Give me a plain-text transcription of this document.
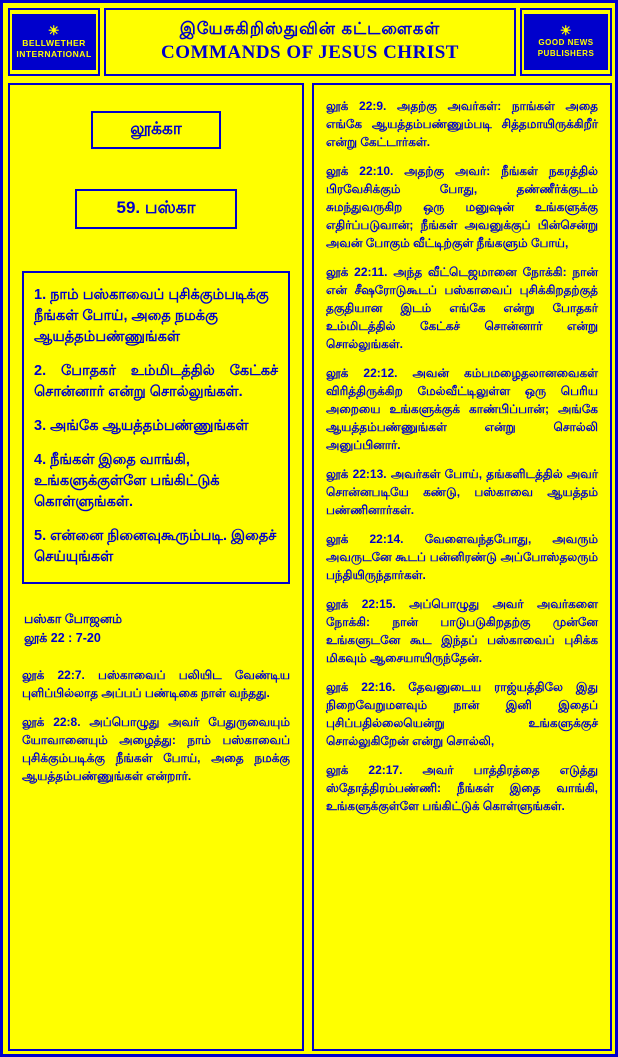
☀
BELLWETHER
INTERNATIONAL
இயேசுகிறிஸ்துவின் கட்டளைகள்
COMMANDS OF JESUS CHRIST
☀
GOOD NEWS
PUBLISHERS
லூக்கா
59. பஸ்கா
1. நாம் பஸ்காவைப் புசிக்கும்படிக்கு நீங்கள் போய், அதை நமக்கு ஆயத்தம்பண்ணுங்கள்
2. போதகர் உம்மிடத்தில் கேட்கச் சொன்னார் என்று சொல்லுங்கள்.
3. அங்கே ஆயத்தம்பண்ணுங்கள்
4. நீங்கள் இதை வாங்கி, உங்களுக்குள்ளே பங்கிட்டுக் கொள்ளுங்கள்.
5. என்னை நினைவுகூரும்படி. இதைச் செய்யுங்கள்
பஸ்கா போஜனம்
லூக் 22 : 7-20
லூக் 22:7. பஸ்காவைப் பலியிட வேண்டிய புளிப்பில்லாத அப்பப் பண்டிகை நாள் வந்தது.
லூக் 22:8. அப்பொழுது அவர் பேதுருவையும் யோவானையும் அழைத்து: நாம் பஸ்காவைப் புசிக்கும்படிக்கு நீங்கள் போய், அதை நமக்கு ஆயத்தம்பண்ணுங்கள் என்றார்.
லூக் 22:9. அதற்கு அவர்கள்: நாங்கள் அதை எங்கே ஆயத்தம்பண்ணும்படி சித்தமாயிருக்கிறீர் என்று கேட்டார்கள்.
லூக் 22:10. அதற்கு அவர்: நீங்கள் நகரத்தில் பிரவேசிக்கும் போது, தண்ணீர்க்குடம் சுமந்துவருகிற ஒரு மனுஷன் உங்களுக்கு எதிர்ப்படுவான்; நீங்கள் அவனுக்குப் பின்சென்று அவன் போகும் வீட்டிற்குள் நீங்களும் போய்,
லூக் 22:11. அந்த வீட்டெஜமானை நோக்கி: நான் என் சீஷரோடுகூடப் பஸ்காவைப் புசிக்கிறதற்குத் தகுதியான இடம் எங்கே என்று போதகர் உம்மிடத்தில் கேட்கச் சொன்னார் என்று சொல்லுங்கள்.
லூக் 22:12. அவன் கம்பமழைதலானவைகள் விரித்திருக்கிற மேல்வீட்டிலுள்ள ஒரு பெரிய அறையை உங்களுக்குக் காண்பிப்பான்; அங்கே ஆயத்தம்பண்ணுங்கள் என்று சொல்லி அனுப்பினார்.
லூக் 22:13. அவர்கள் போய், தங்களிடத்தில் அவர் சொன்னபடியே கண்டு, பஸ்காவை ஆயத்தம் பண்ணினார்கள்.
லூக் 22:14. வேளைவந்தபோது, அவரும் அவருடனே கூடப் பன்னிரண்டு அப்போஸ்தலரும் பந்தியிருந்தார்கள்.
லூக் 22:15. அப்பொழுது அவர் அவர்களை நோக்கி: நான் பாடுபடுகிறதற்கு முன்னே உங்களுடனே கூட இந்தப் பஸ்காவைப் புசிக்க மிகவும் ஆசையாயிருந்தேன்.
லூக் 22:16. தேவனுடைய ராஜ்யத்திலே இது நிறைவேறுமளவும் நான் இனி இதைப் புசிப்பதில்லையென்று உங்களுக்குச் சொல்லுகிறேன் என்று சொல்லி,
லூக் 22:17. அவர் பாத்திரத்தை எடுத்து ஸ்தோத்திரம்பண்ணி: நீங்கள் இதை வாங்கி, உங்களுக்குள்ளே பங்கிட்டுக் கொள்ளுங்கள்.
